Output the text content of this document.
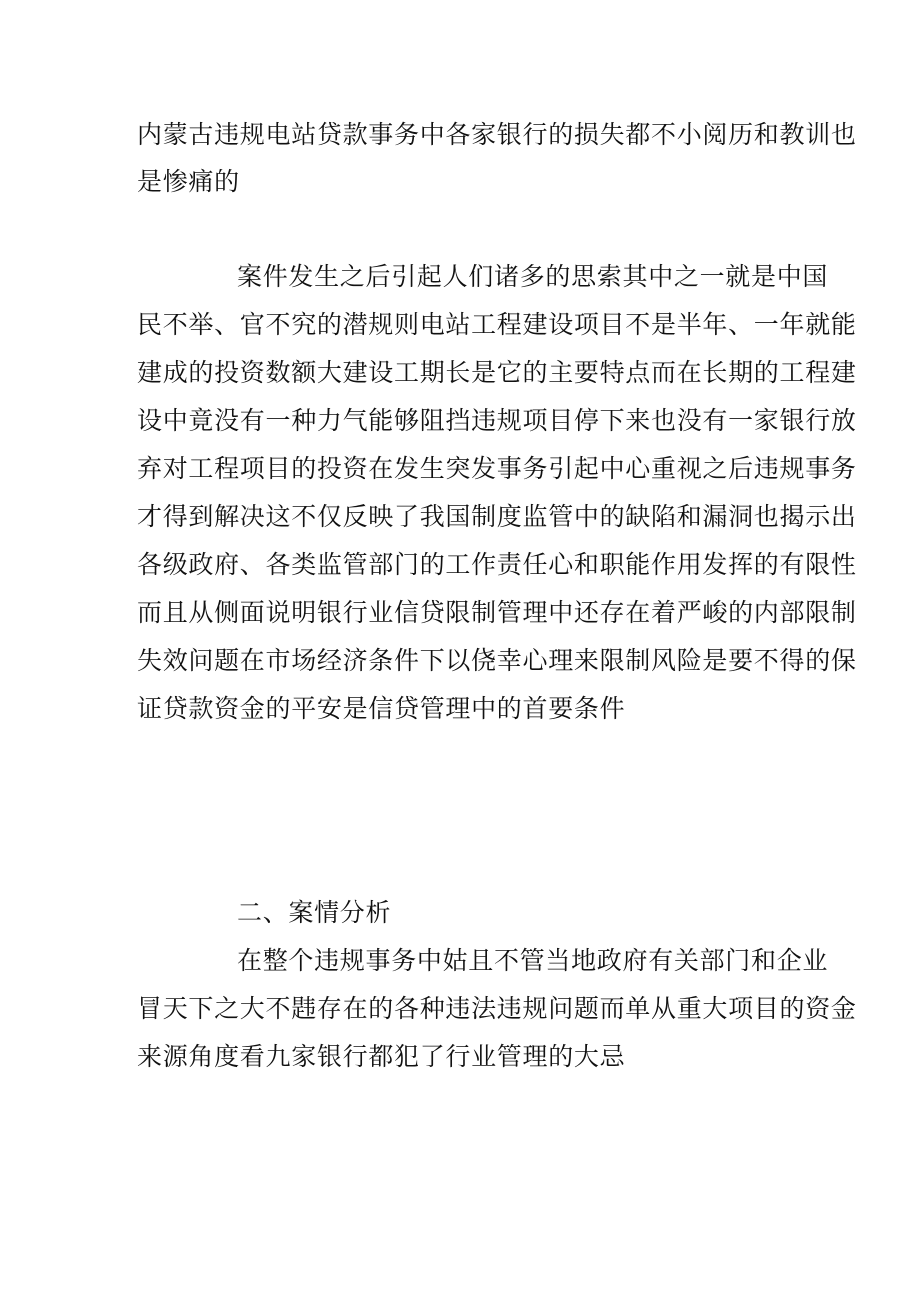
内蒙古违规电站贷款事务中各家银行的损失都不小阅历和教训也
是惨痛的
案件发生之后引起人们诸多的思索其中之一就是中国
民不举、官不究的潜规则电站工程建设项目不是半年、一年就能
建成的投资数额大建设工期长是它的主要特点而在长期的工程建
设中竟没有一种力气能够阻挡违规项目停下来也没有一家银行放
弃对工程项目的投资在发生突发事务引起中心重视之后违规事务
才得到解决这不仅反映了我国制度监管中的缺陷和漏洞也揭示出
各级政府、各类监管部门的工作责任心和职能作用发挥的有限性
而且从侧面说明银行业信贷限制管理中还存在着严峻的内部限制
失效问题在市场经济条件下以侥幸心理来限制风险是要不得的保
证贷款资金的平安是信贷管理中的首要条件
二、案情分析
在整个违规事务中姑且不管当地政府有关部门和企业
冒天下之大不韪存在的各种违法违规问题而单从重大项目的资金
来源角度看九家银行都犯了行业管理的大忌
